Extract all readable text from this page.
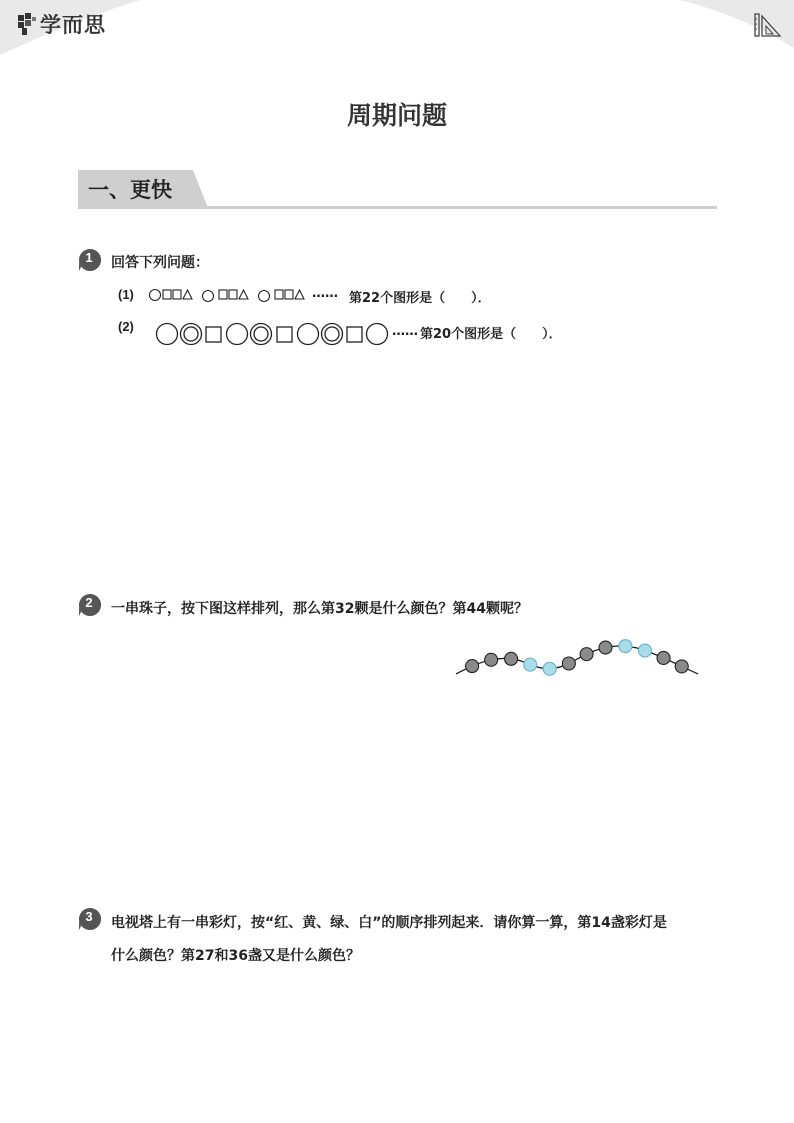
学而思
周期问题
一、更快
1	回答下列问题：
(1)	…… 第22个图形是（　　）．
(2)	…… 第20个图形是（　　）．
2	一串珠子，按下图这样排列，那么第32颗是什么颜色？第44颗呢？
3	电视塔上有一串彩灯，按“红、黄、绿、白”的顺序排列起来．请你算一算，第14盏彩灯是
什么颜色？第27和36盏又是什么颜色？
